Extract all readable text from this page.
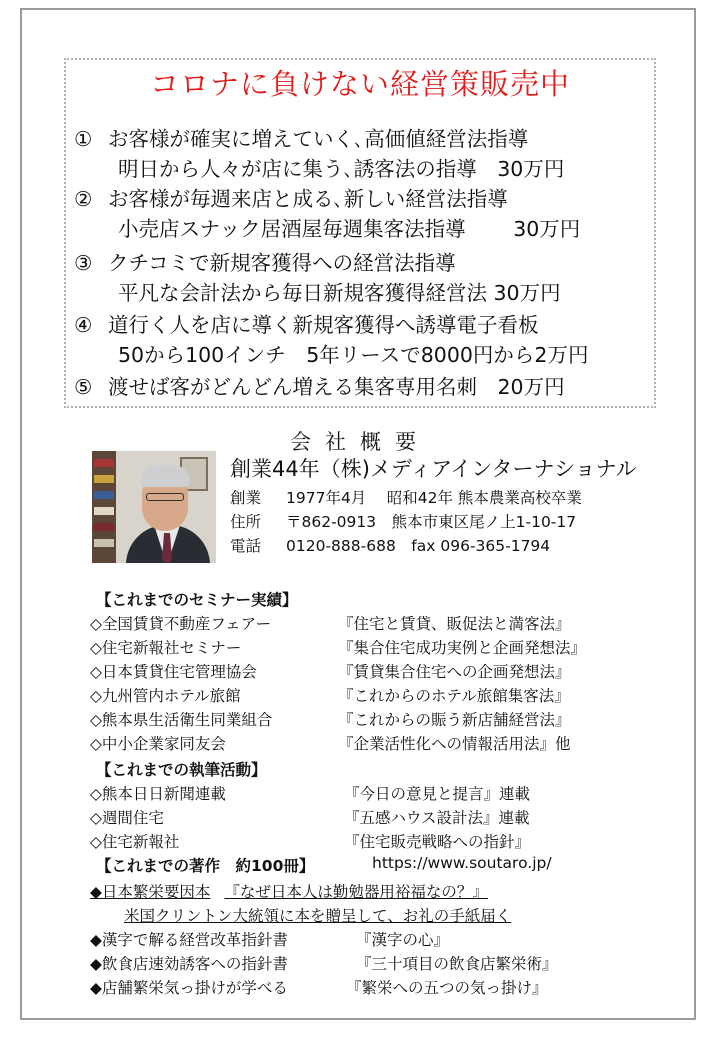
コロナに負けない経営策販売中
① お客様が確実に増えていく､高価値経営法指導
明日から人々が店に集う､誘客法の指導　30万円
② お客様が毎週来店と成る､新しい経営法指導
小売店スナック居酒屋毎週集客法指導　　 30万円
③ クチコミで新規客獲得への経営法指導
平凡な会計法から毎日新規客獲得経営法 30万円
④ 道行く人を店に導く新規客獲得へ誘導電子看板
50から100インチ　5年リースで8000円から2万円
⑤ 渡せば客がどんどん増える集客専用名刺　20万円
会社概要
創業44年（株)メディアインターナショナル
創業 1977年4月　 昭和42年 熊本農業高校卒業
住所 〒862-0913　熊本市東区尾ノ上1-10-17
電話 0120-888-688　fax 096-365-1794
【これまでのセミナー実績】
◇全国賃貸不動産フェアー	『住宅と賃貸、販促法と満客法』
◇住宅新報社セミナー	『集合住宅成功実例と企画発想法』
◇日本賃貸住宅管理協会	『賃貸集合住宅への企画発想法』
◇九州管内ホテル旅館	『これからのホテル旅館集客法』
◇熊本県生活衛生同業組合	『これからの賑う新店舗経営法』
◇中小企業家同友会	『企業活性化への情報活用法』他
【これまでの執筆活動】
◇熊本日日新聞連載	『今日の意見と提言』連載
◇週間住宅	『五感ハウス設計法』連載
◇住宅新報社	『住宅販売戦略への指針』
【これまでの著作　約100冊】	https://www.soutaro.jp/
◆日本繁栄要因本 『なぜ日本人は勤勉器用裕福なの？』
米国クリントン大統領に本を贈呈して、お礼の手紙届く
◆漢字で解る経営改革指針書	『漢字の心』
◆飲食店速効誘客への指針書	『三十項目の飲食店繁栄術』
◆店舗繁栄気っ掛けが学べる	『繁栄への五つの気っ掛け』
